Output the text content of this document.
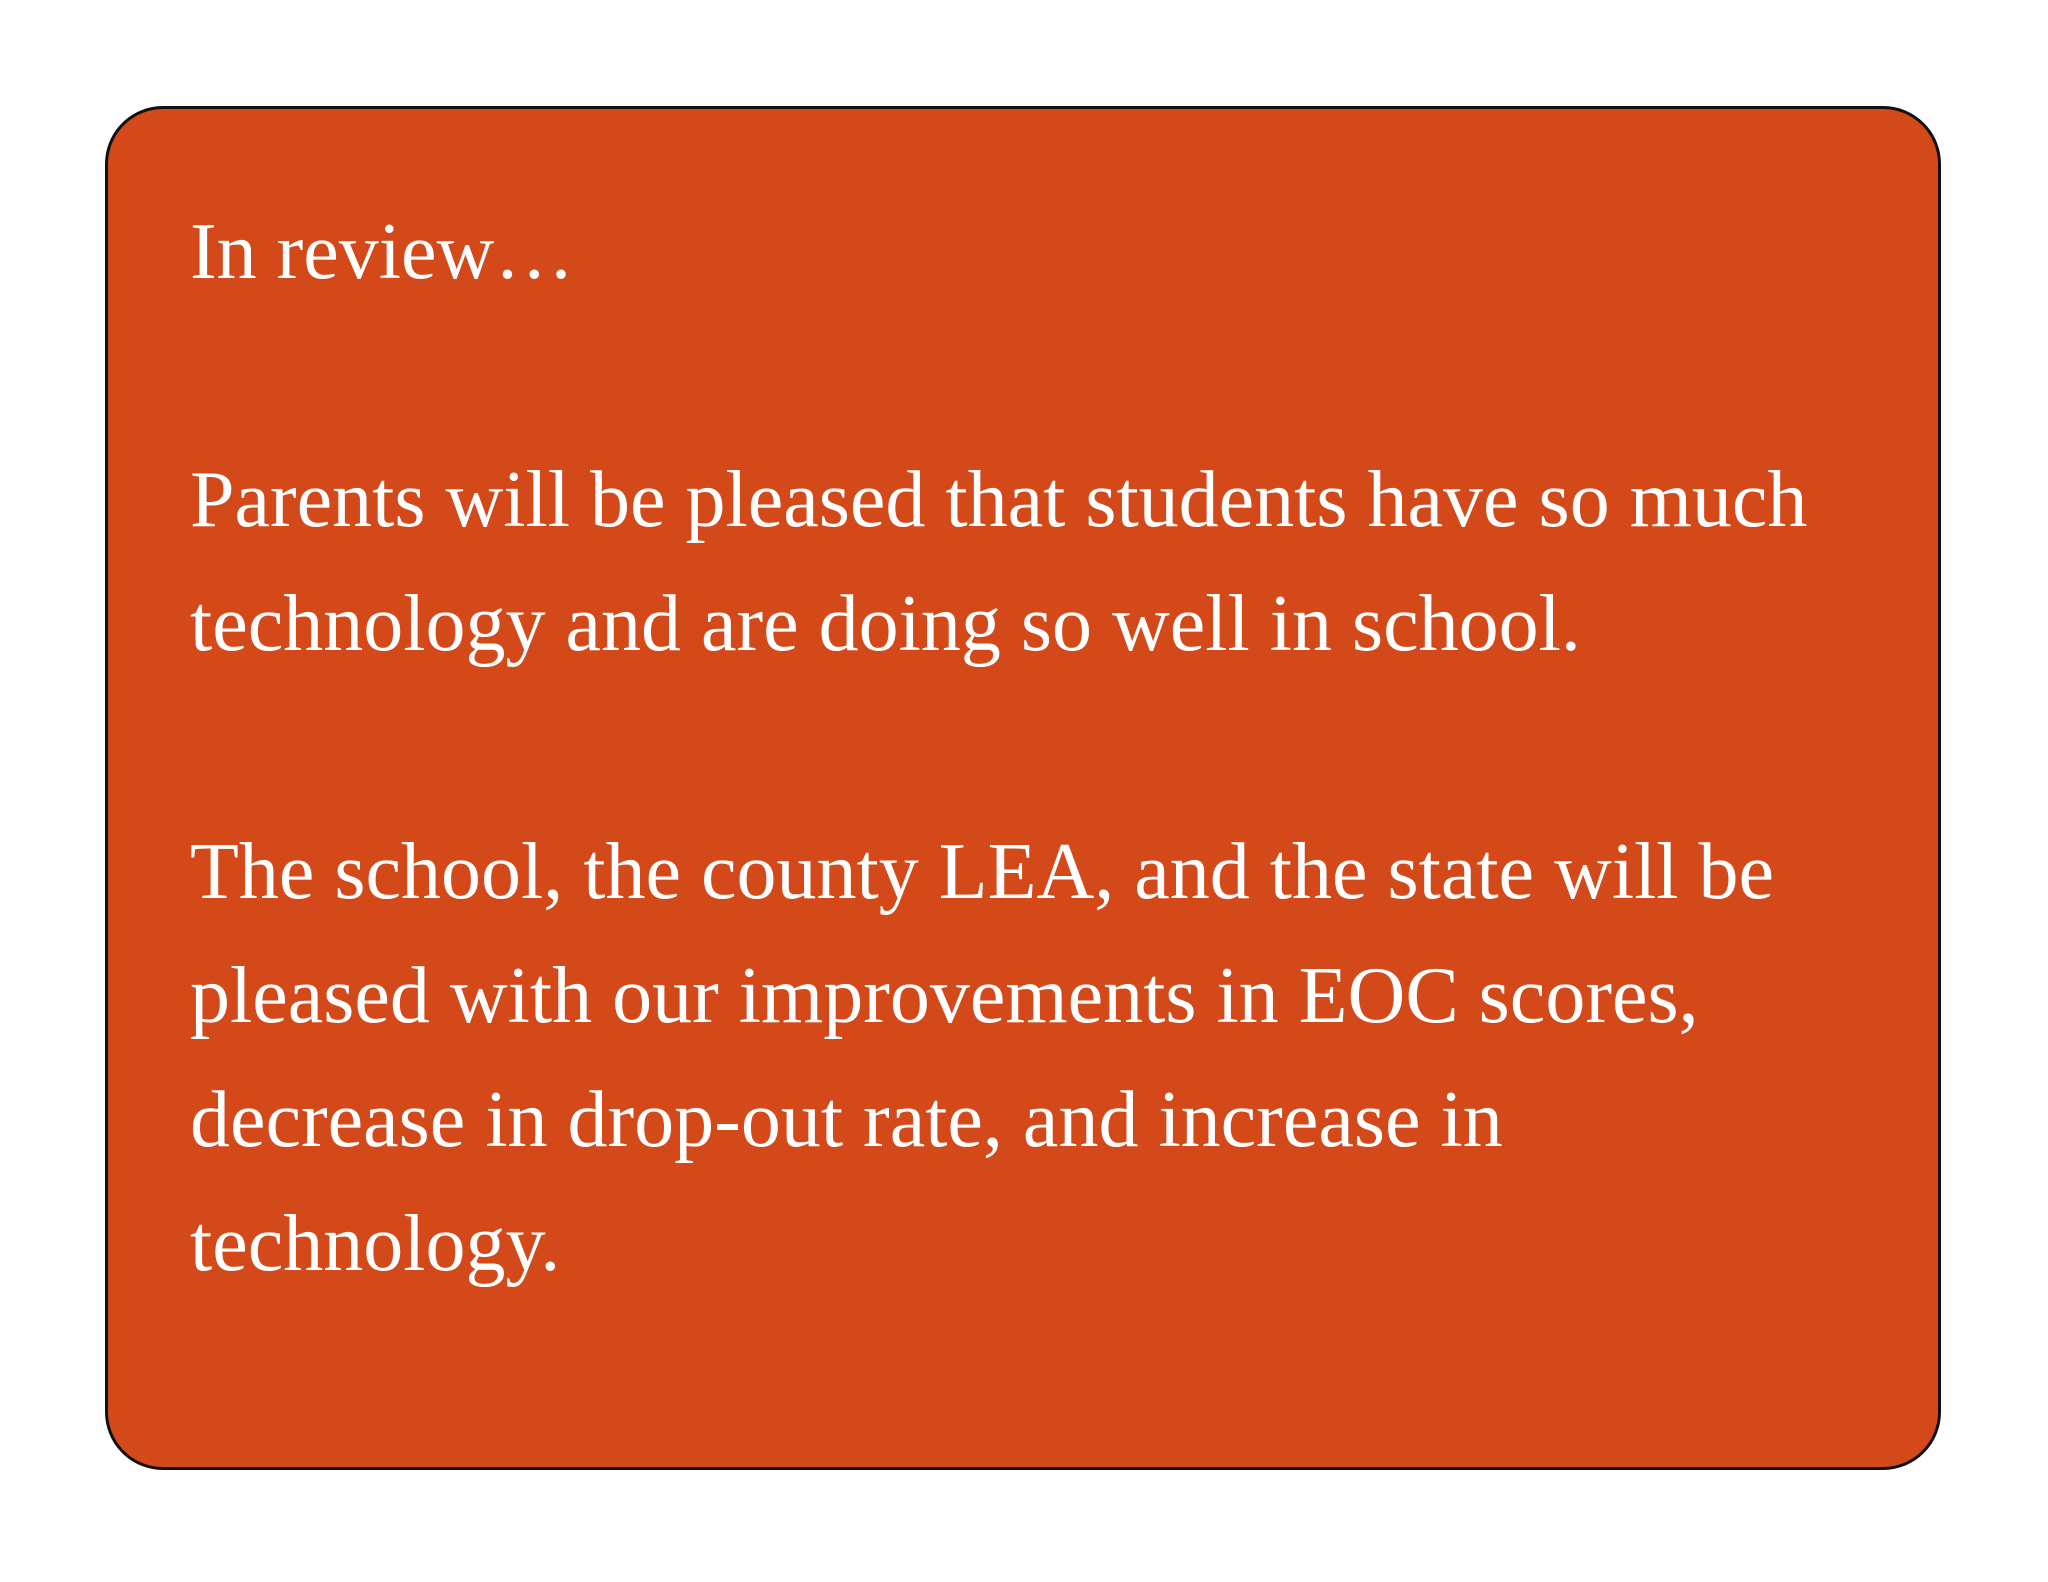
In review…

Parents will be pleased that students have so much technology and are doing so well in school.

The school, the county LEA, and the state will be pleased with our improvements in EOC scores, decrease in drop-out rate, and increase in technology.
